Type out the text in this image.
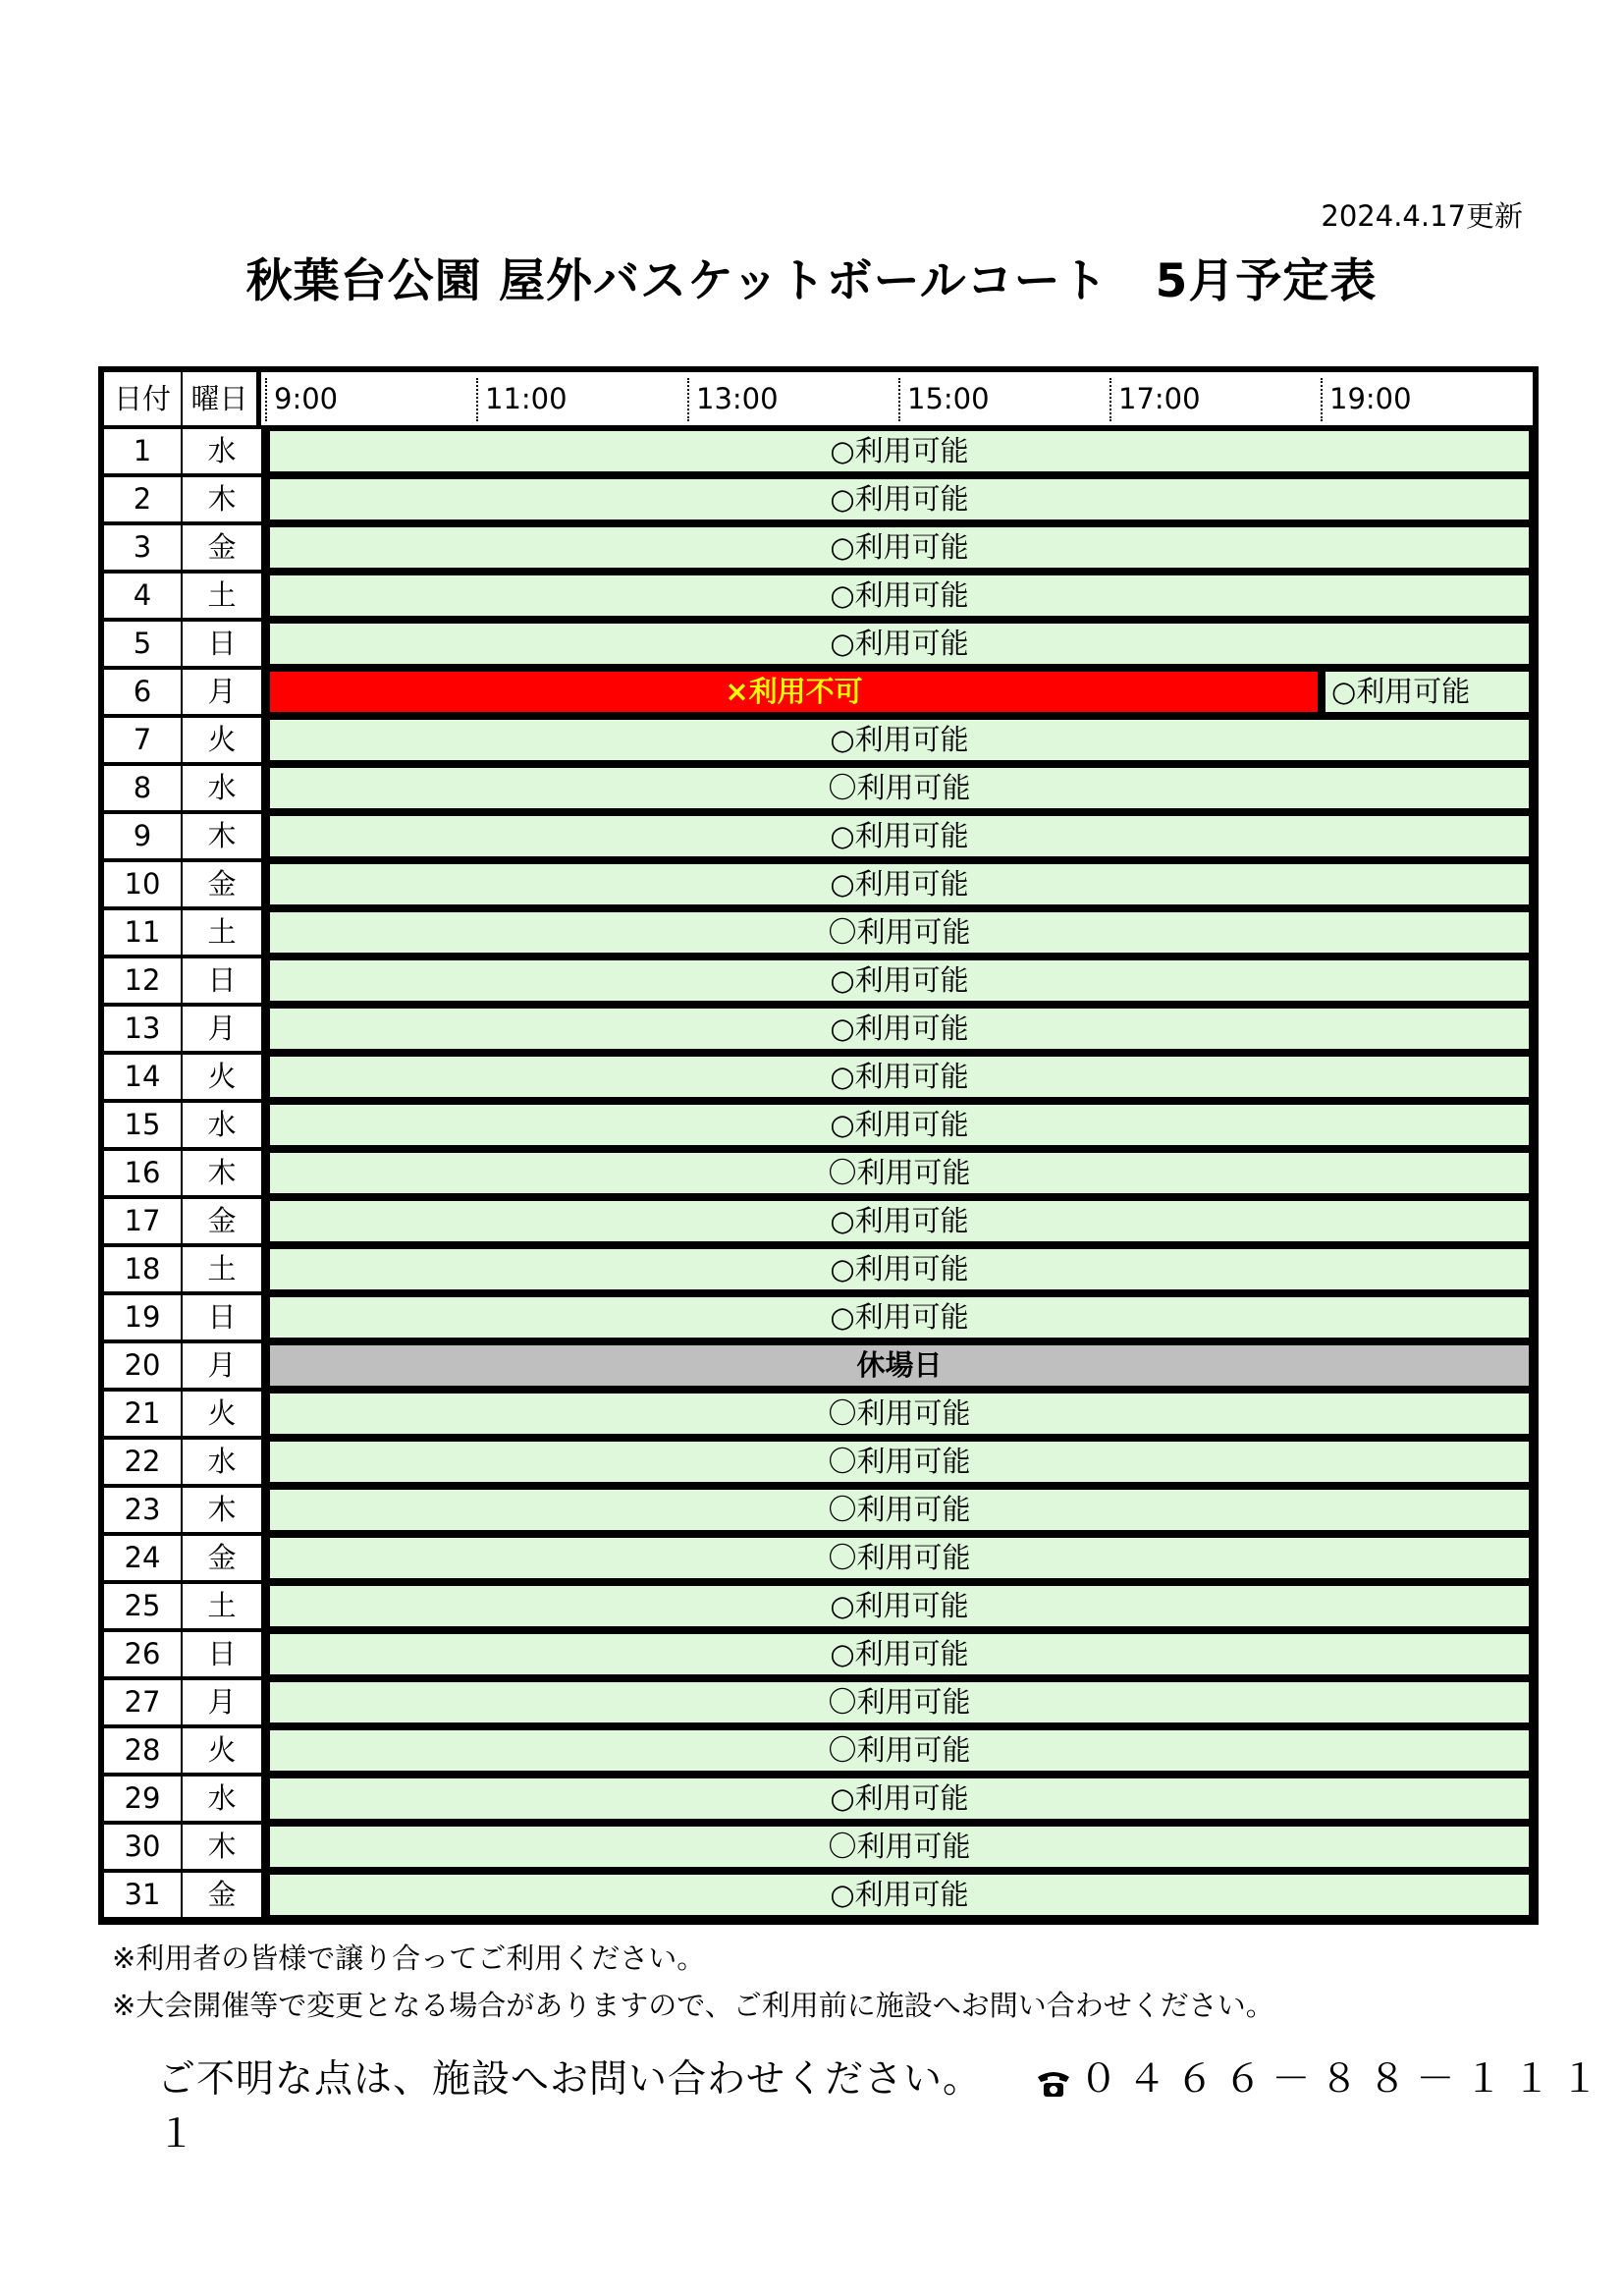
2024.4.17更新
秋葉台公園 屋外バスケットボールコート　5月予定表
日付 曜日 9:00	11:00	13:00	15:00	17:00	19:00
1	水	○利用可能
2	木	○利用可能
3	金	○利用可能
4	土	○利用可能
5	日	○利用可能
6	月	×利用不可	○利用可能
7	火	○利用可能
8	水	〇利用可能
9	木	○利用可能
10	金	○利用可能
11	土	〇利用可能
12	日	○利用可能
13	月	○利用可能
14	火	○利用可能
15	水	○利用可能
16	木	〇利用可能
17	金	○利用可能
18	土	○利用可能
19	日	○利用可能
20	月	休場日
21	火	〇利用可能
22	水	〇利用可能
23	木	〇利用可能
24	金	〇利用可能
25	土	○利用可能
26	日	○利用可能
27	月	〇利用可能
28	火	〇利用可能
29	水	○利用可能
30	木	〇利用可能
31	金	○利用可能
※利用者の皆様で譲り合ってご利用ください。
※大会開催等で変更となる場合がありますので、ご利用前に施設へお問い合わせください。
ご不明な点は、施設へお問い合わせください。	０４６６－８８－１１１１
